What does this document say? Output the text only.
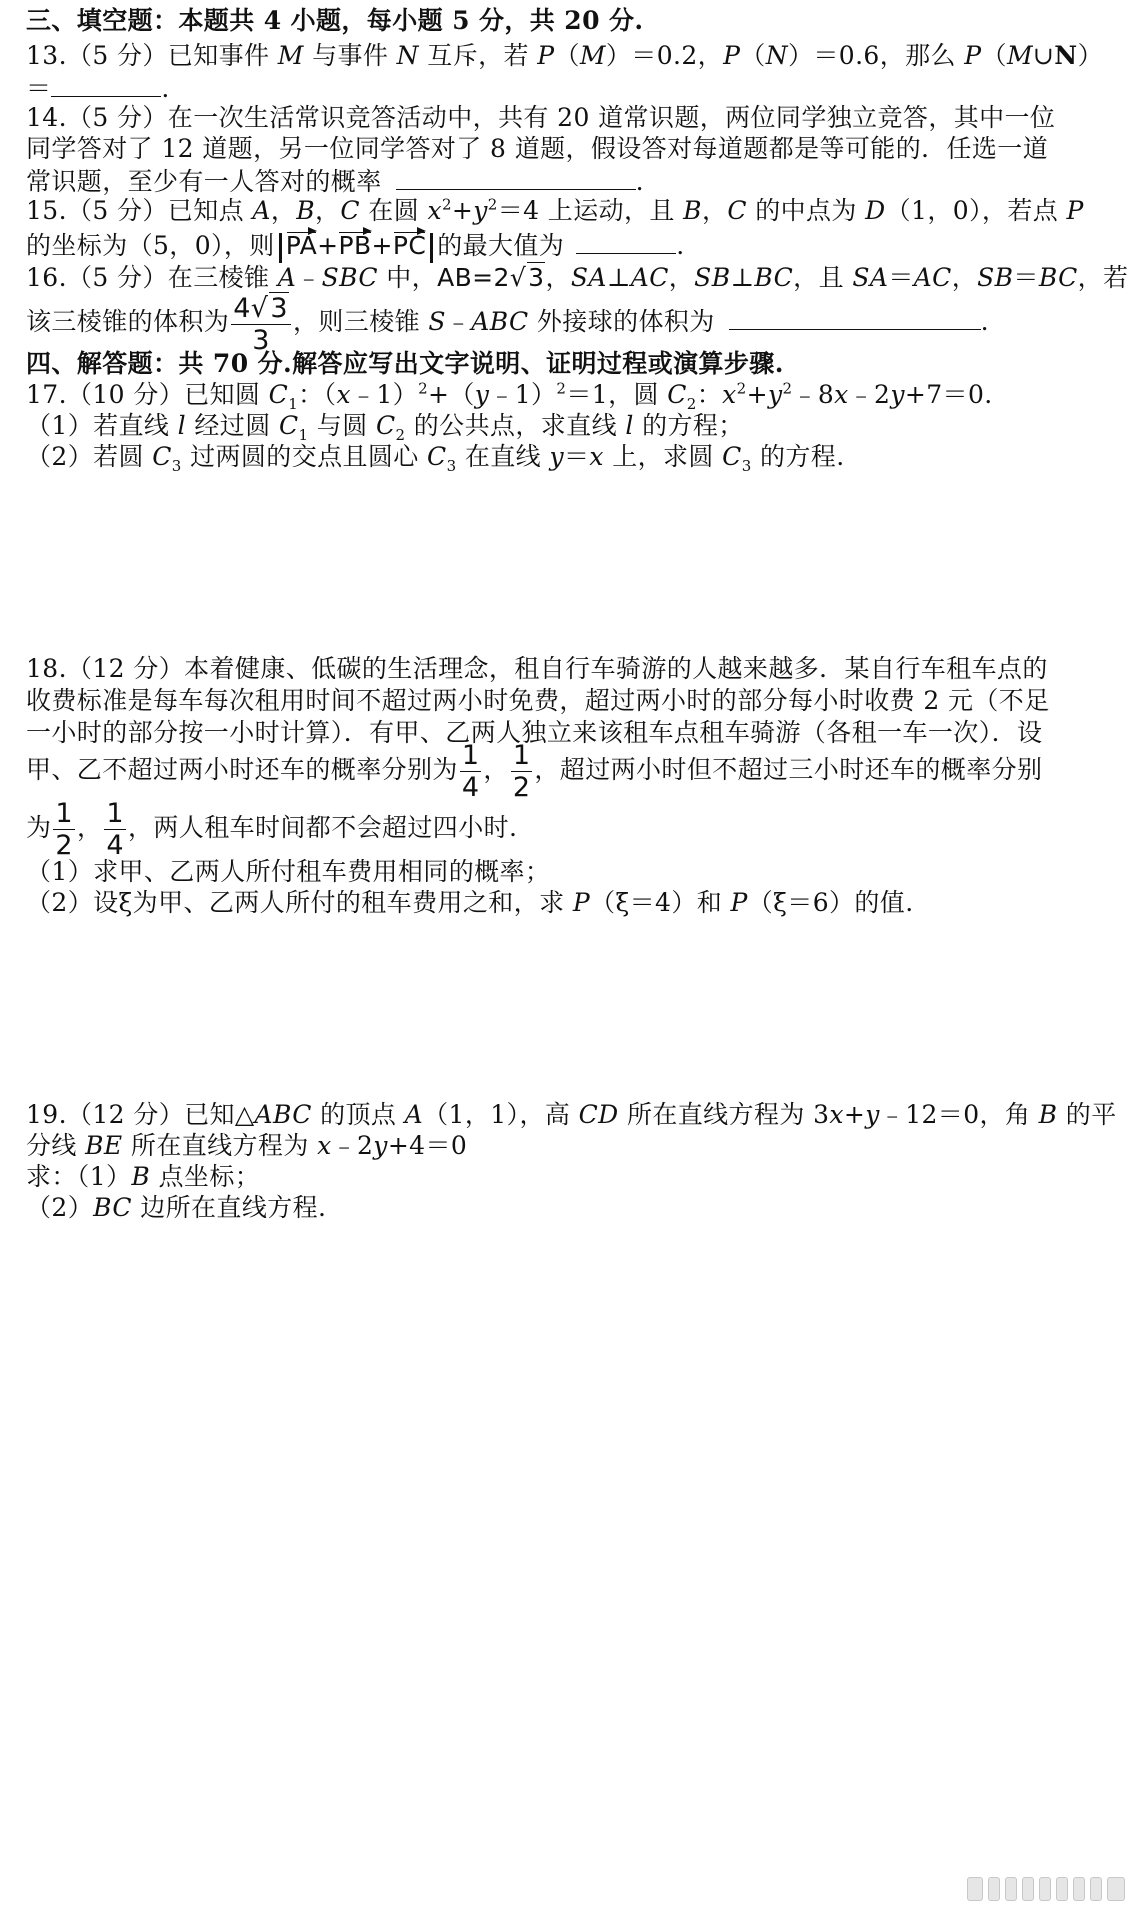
三、填空题：本题共 4 小题，每小题 5 分，共 20 分.
13.（5 分）已知事件 M 与事件 N 互斥，若 P（M）＝0.2，P（N）＝0.6，那么 P（M∪N）
＝	.
14.（5 分）在一次生活常识竞答活动中，共有 20 道常识题，两位同学独立竞答，其中一位
同学答对了 12 道题，另一位同学答对了 8 道题，假设答对每道题都是等可能的．任选一道
常识题，至少有一人答对的概率	.
15.（5 分）已知点 A，B，C 在圆 $x^2+y^2=4$ 上运动，且 B，C 的中点为 D（1，0），若点 P
的坐标为（5，0），则 PA+PB+PC 的最大值为	.
16.（5 分）在三棱锥 A﹣SBC 中，AB=2√3，SA⊥AC，SB⊥BC，且 SA＝AC，SB＝BC，若
该三棱锥的体积为 $\frac{4√3}{3}$ ，则三棱锥 S﹣ABC 外接球的体积为	.
四、解答题：共 70 分.解答应写出文字说明、证明过程或演算步骤.
17.（10 分）已知圆 $C_1$：（x﹣1）$^2$+（y﹣1）$^2$＝1，圆 $C_2$：$x^2+y^2﹣8x﹣2y+7=0$.
（1）若直线 l 经过圆 $C_1$ 与圆 $C_2$ 的公共点，求直线 l 的方程；
（2）若圆 $C_3$ 过两圆的交点且圆心 $C_3$ 在直线 y＝x 上，求圆 $C_3$ 的方程.
18.（12 分）本着健康、低碳的生活理念，租自行车骑游的人越来越多．某自行车租车点的
收费标准是每车每次租用时间不超过两小时免费，超过两小时的部分每小时收费 2 元（不足
一小时的部分按一小时计算）．有甲、乙两人独立来该租车点租车骑游（各租一车一次）．设
甲、乙不超过两小时还车的概率分别为 $\frac{1}{4}$ ， $\frac{1}{2}$ ，超过两小时但不超过三小时还车的概率分别
为 $\frac{1}{2}$ ， $\frac{1}{4}$ ，两人租车时间都不会超过四小时.
（1）求甲、乙两人所付租车费用相同的概率；
（2）设ξ为甲、乙两人所付的租车费用之和，求 P（ξ＝4）和 P（ξ＝6）的值.
19.（12 分）已知△ABC 的顶点 A（1，1），高 CD 所在直线方程为 3x+y﹣12＝0，角 B 的平
分线 BE 所在直线方程为 x﹣2y+4＝0
求：（1）B 点坐标；
（2）BC 边所在直线方程.
